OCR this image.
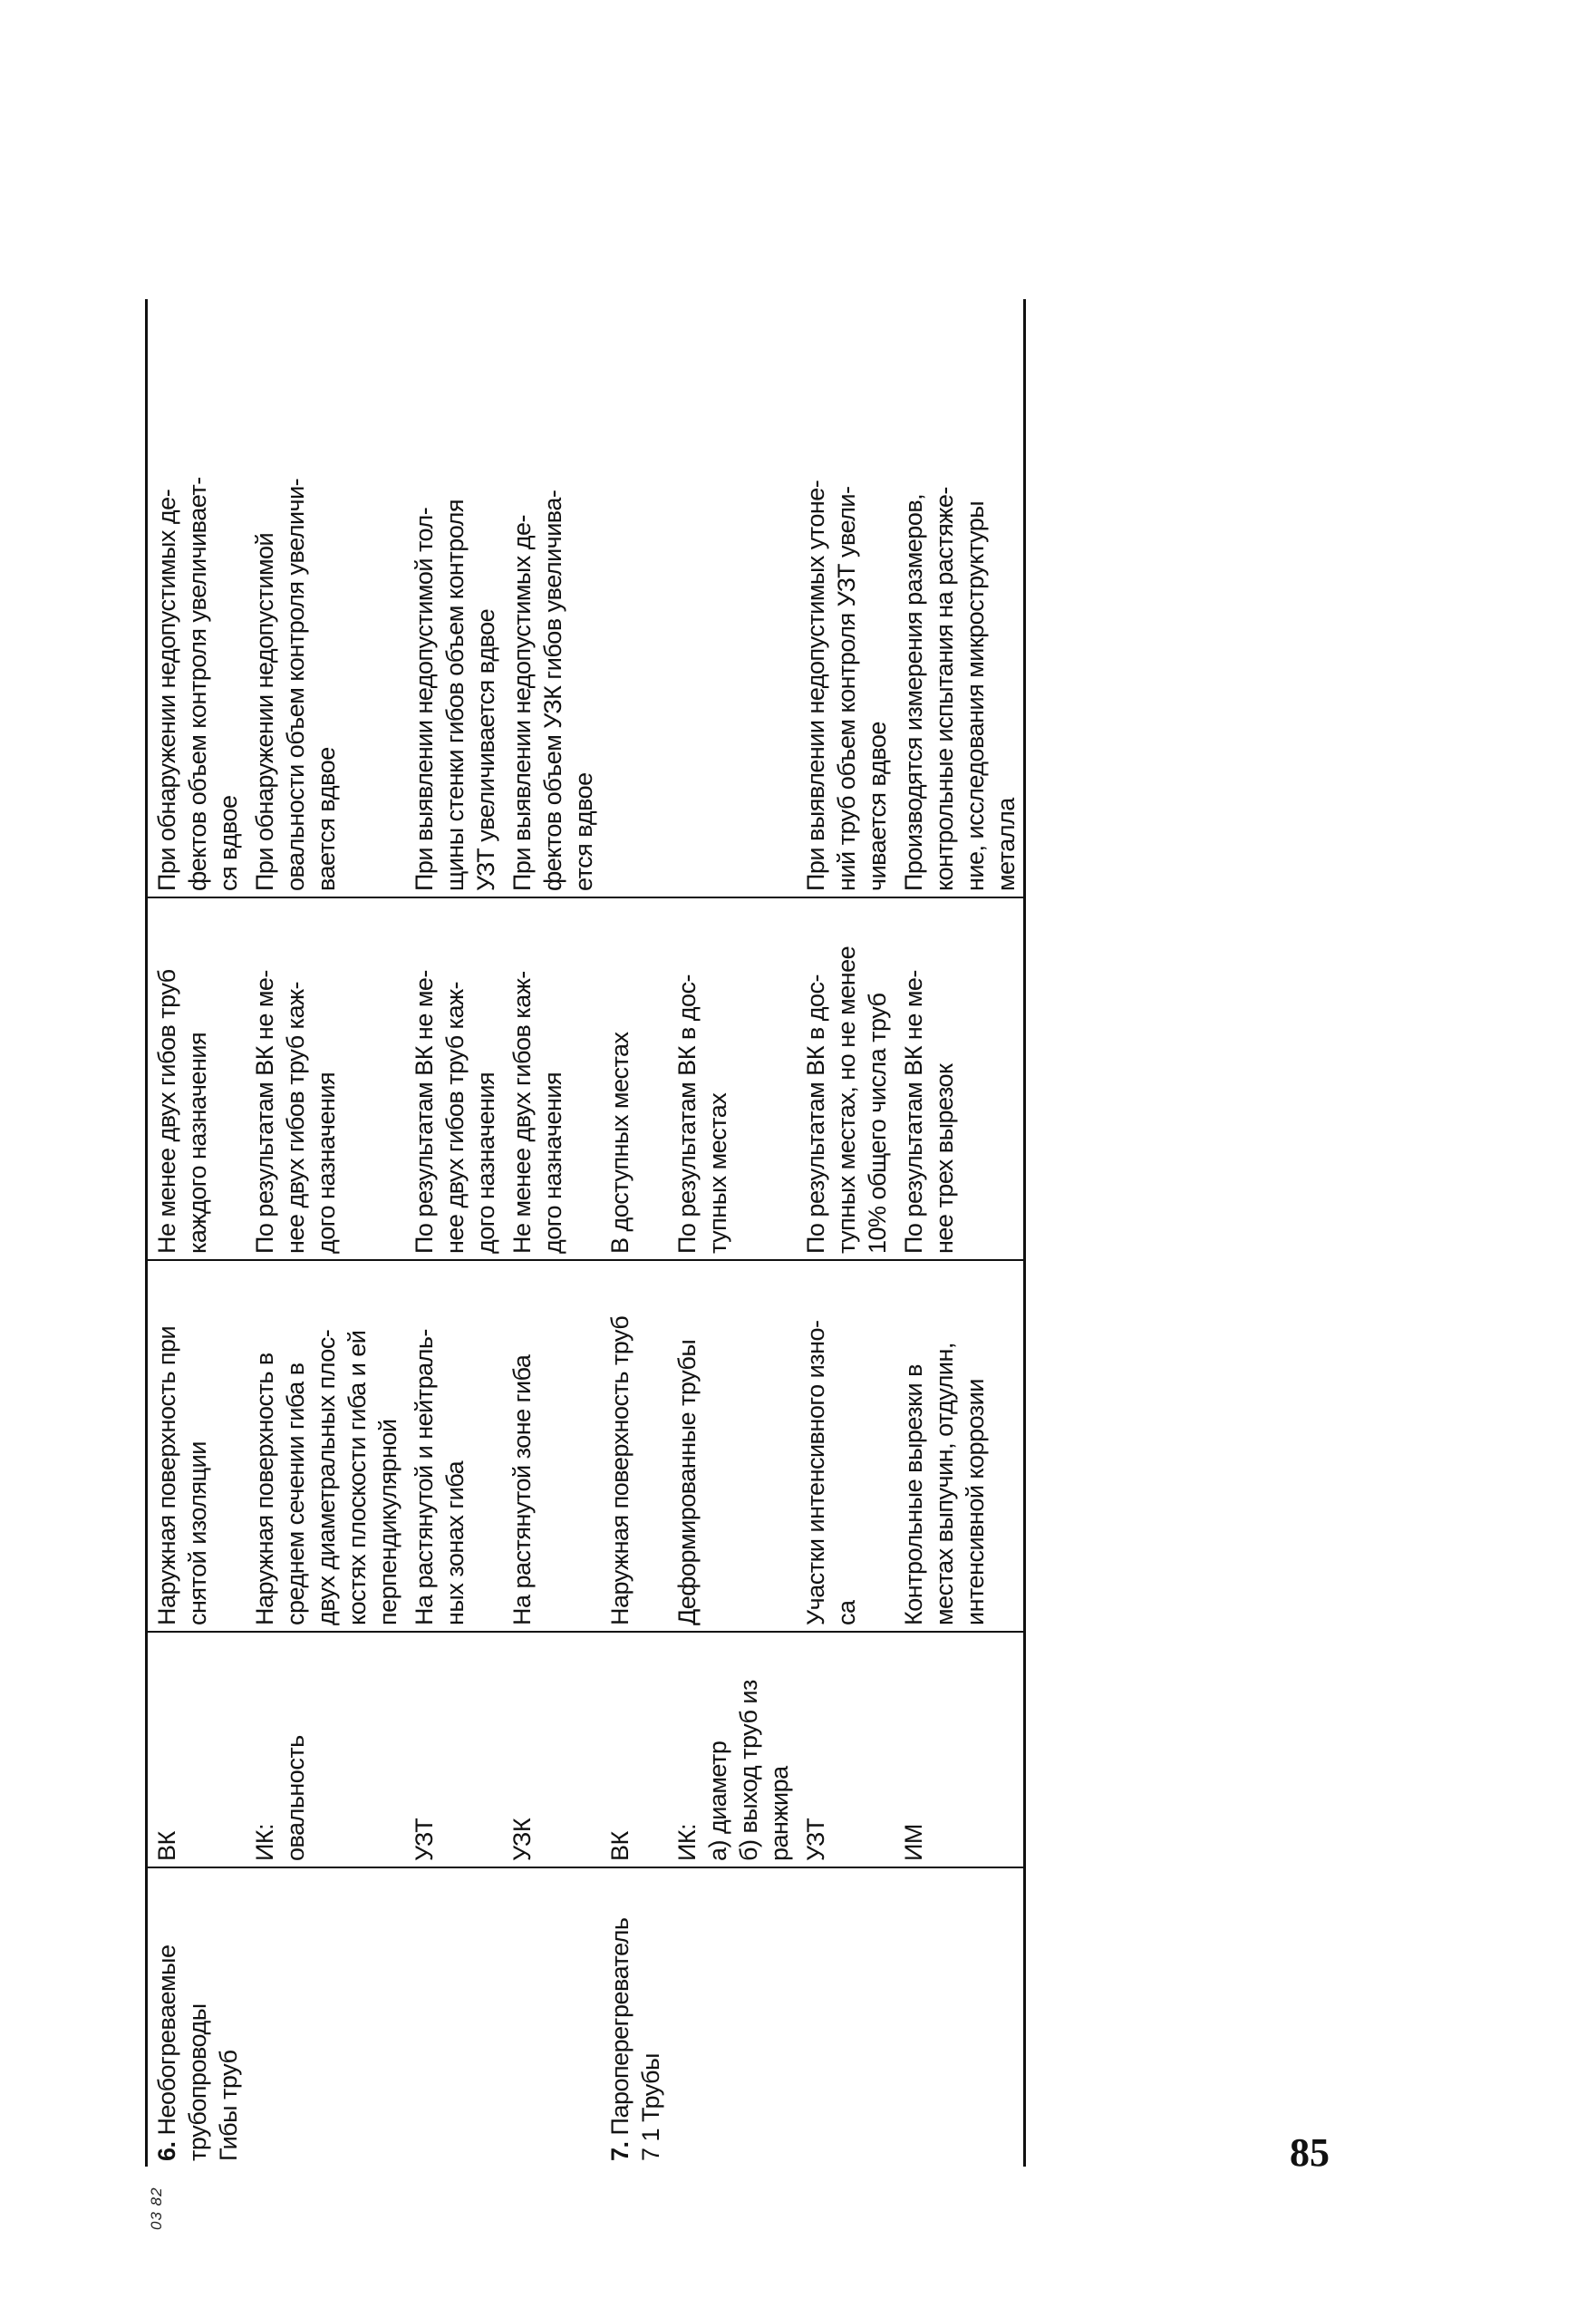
6. Необогреваемые трубопроводы Гибы труб	ВК	Наружная поверхность при снятой изоляции	Не менее двух гибов труб каждого назначения	При обнаружении недопустимых де- фектов объем контроля увеличивает- ся вдвое

	ИК: овальность	Наружная поверхность в среднем сечении гиба в двух диаметральных плос- костях плоскости гиба и ей перпендикулярной	По результатам ВК не ме- нее двух гибов труб каж- дого назначения	При обнаружении недопустимой овальности объем контроля увеличи- вается вдвое

	УЗТ	На растянутой и нейтраль- ных зонах гиба	По результатам ВК не ме- нее двух гибов труб каж- дого назначения	При выявлении недопустимой тол- щины стенки гибов объем контроля УЗТ увеличивается вдвое

	УЗК	На растянутой зоне гиба	Не менее двух гибов каж- дого назначения	При выявлении недопустимых де- фектов объем УЗК гибов увеличива- ется вдвое

7. Пароперегреватель 7 1 Трубы	ВК	Наружная поверхность труб	В доступных местах	

	ИК: а) диаметр б) выход труб из ранжира	Деформированные трубы	По результатам ВК в дос- тупных местах	

	УЗТ	Участки интенсивного изно- са	По результатам ВК в дос- тупных местах, но не менее 10% общего числа труб	При выявлении недопустимых утоне- ний труб объем контроля УЗТ увели- чивается вдвое

	ИМ	Контрольные вырезки в местах выпучин, отдулин, интенсивной коррозии	По результатам ВК не ме- нее трех вырезок	Производятся измерения размеров, контрольные испытания на растяже- ние, исследования микроструктуры металла
03 82
85
